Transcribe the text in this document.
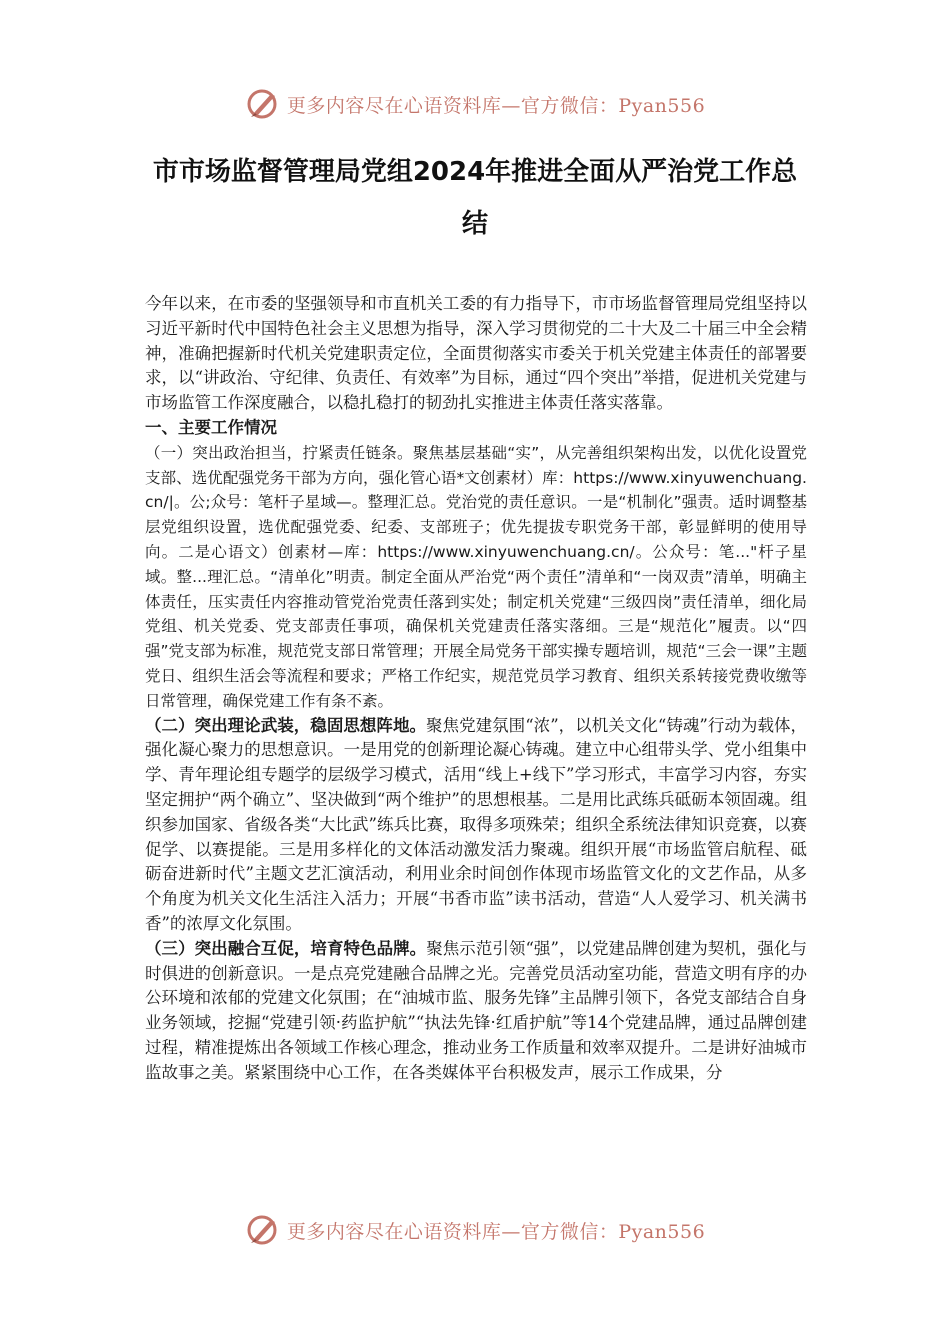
更多内容尽在心语资料库—官方微信：Pyan556
市市场监督管理局党组2024年推进全面从严治党工作总结

今年以来，在市委的坚强领导和市直机关工委的有力指导下，市市场监督管理局党组坚持以习近平新时代中国特色社会主义思想为指导，深入学习贯彻党的二十大及二十届三中全会精神，准确把握新时代机关党建职责定位，全面贯彻落实市委关于机关党建主体责任的部署要求，以“讲政治、守纪律、负责任、有效率”为目标，通过“四个突出”举措，促进机关党建与市场监管工作深度融合，以稳扎稳打的韧劲扎实推进主体责任落实落靠。

一、主要工作情况

（一）突出政治担当，拧紧责任链条。聚焦基层基础“实”，从完善组织架构出发，以优化设置党支部、选优配强党务干部为方向，强化管心语*文创素材）库：https://www.xinyuwenchuang.cn/|。公;众号：笔杆子星域—。整理汇总。党治党的责任意识。一是“机制化”强责。适时调整基层党组织设置，选优配强党委、纪委、支部班子；优先提拔专职党务干部，彰显鲜明的使用导向。二是心语文）创素材—库：https://www.xinyuwenchuang.cn/。公众号：笔..."杆子星域。整...理汇总。“清单化”明责。制定全面从严治党“两个责任”清单和“一岗双责”清单，明确主体责任，压实责任内容推动管党治党责任落到实处；制定机关党建“三级四岗”责任清单，细化局党组、机关党委、党支部责任事项，确保机关党建责任落实落细。三是“规范化”履责。以“四强”党支部为标准，规范党支部日常管理；开展全局党务干部实操专题培训，规范“三会一课”主题党日、组织生活会等流程和要求；严格工作纪实，规范党员学习教育、组织关系转接党费收缴等日常管理，确保党建工作有条不紊。

（二）突出理论武装，稳固思想阵地。聚焦党建氛围“浓”，以机关文化“铸魂”行动为载体，强化凝心聚力的思想意识。一是用党的创新理论凝心铸魂。建立中心组带头学、党小组集中学、青年理论组专题学的层级学习模式，活用“线上+线下”学习形式，丰富学习内容，夯实坚定拥护“两个确立”、坚决做到“两个维护”的思想根基。二是用比武练兵砥砺本领固魂。组织参加国家、省级各类“大比武”练兵比赛，取得多项殊荣；组织全系统法律知识竞赛，以赛促学、以赛提能。三是用多样化的文体活动激发活力聚魂。组织开展“市场监管启航程、砥砺奋进新时代”主题文艺汇演活动，利用业余时间创作体现市场监管文化的文艺作品，从多个角度为机关文化生活注入活力；开展“书香市监”读书活动，营造“人人爱学习、机关满书香”的浓厚文化氛围。

（三）突出融合互促，培育特色品牌。聚焦示范引领“强”，以党建品牌创建为契机，强化与时俱进的创新意识。一是点亮党建融合品牌之光。完善党员活动室功能，营造文明有序的办公环境和浓郁的党建文化氛围；在“油城市监、服务先锋”主品牌引领下，各党支部结合自身业务领域，挖掘“党建引领·药监护航”“执法先锋·红盾护航”等14个党建品牌，通过品牌创建过程，精准提炼出各领域工作核心理念，推动业务工作质量和效率双提升。二是讲好油城市监故事之美。紧紧围绕中心工作，在各类媒体平台积极发声，展示工作成果，分

更多内容尽在心语资料库—官方微信：Pyan556
